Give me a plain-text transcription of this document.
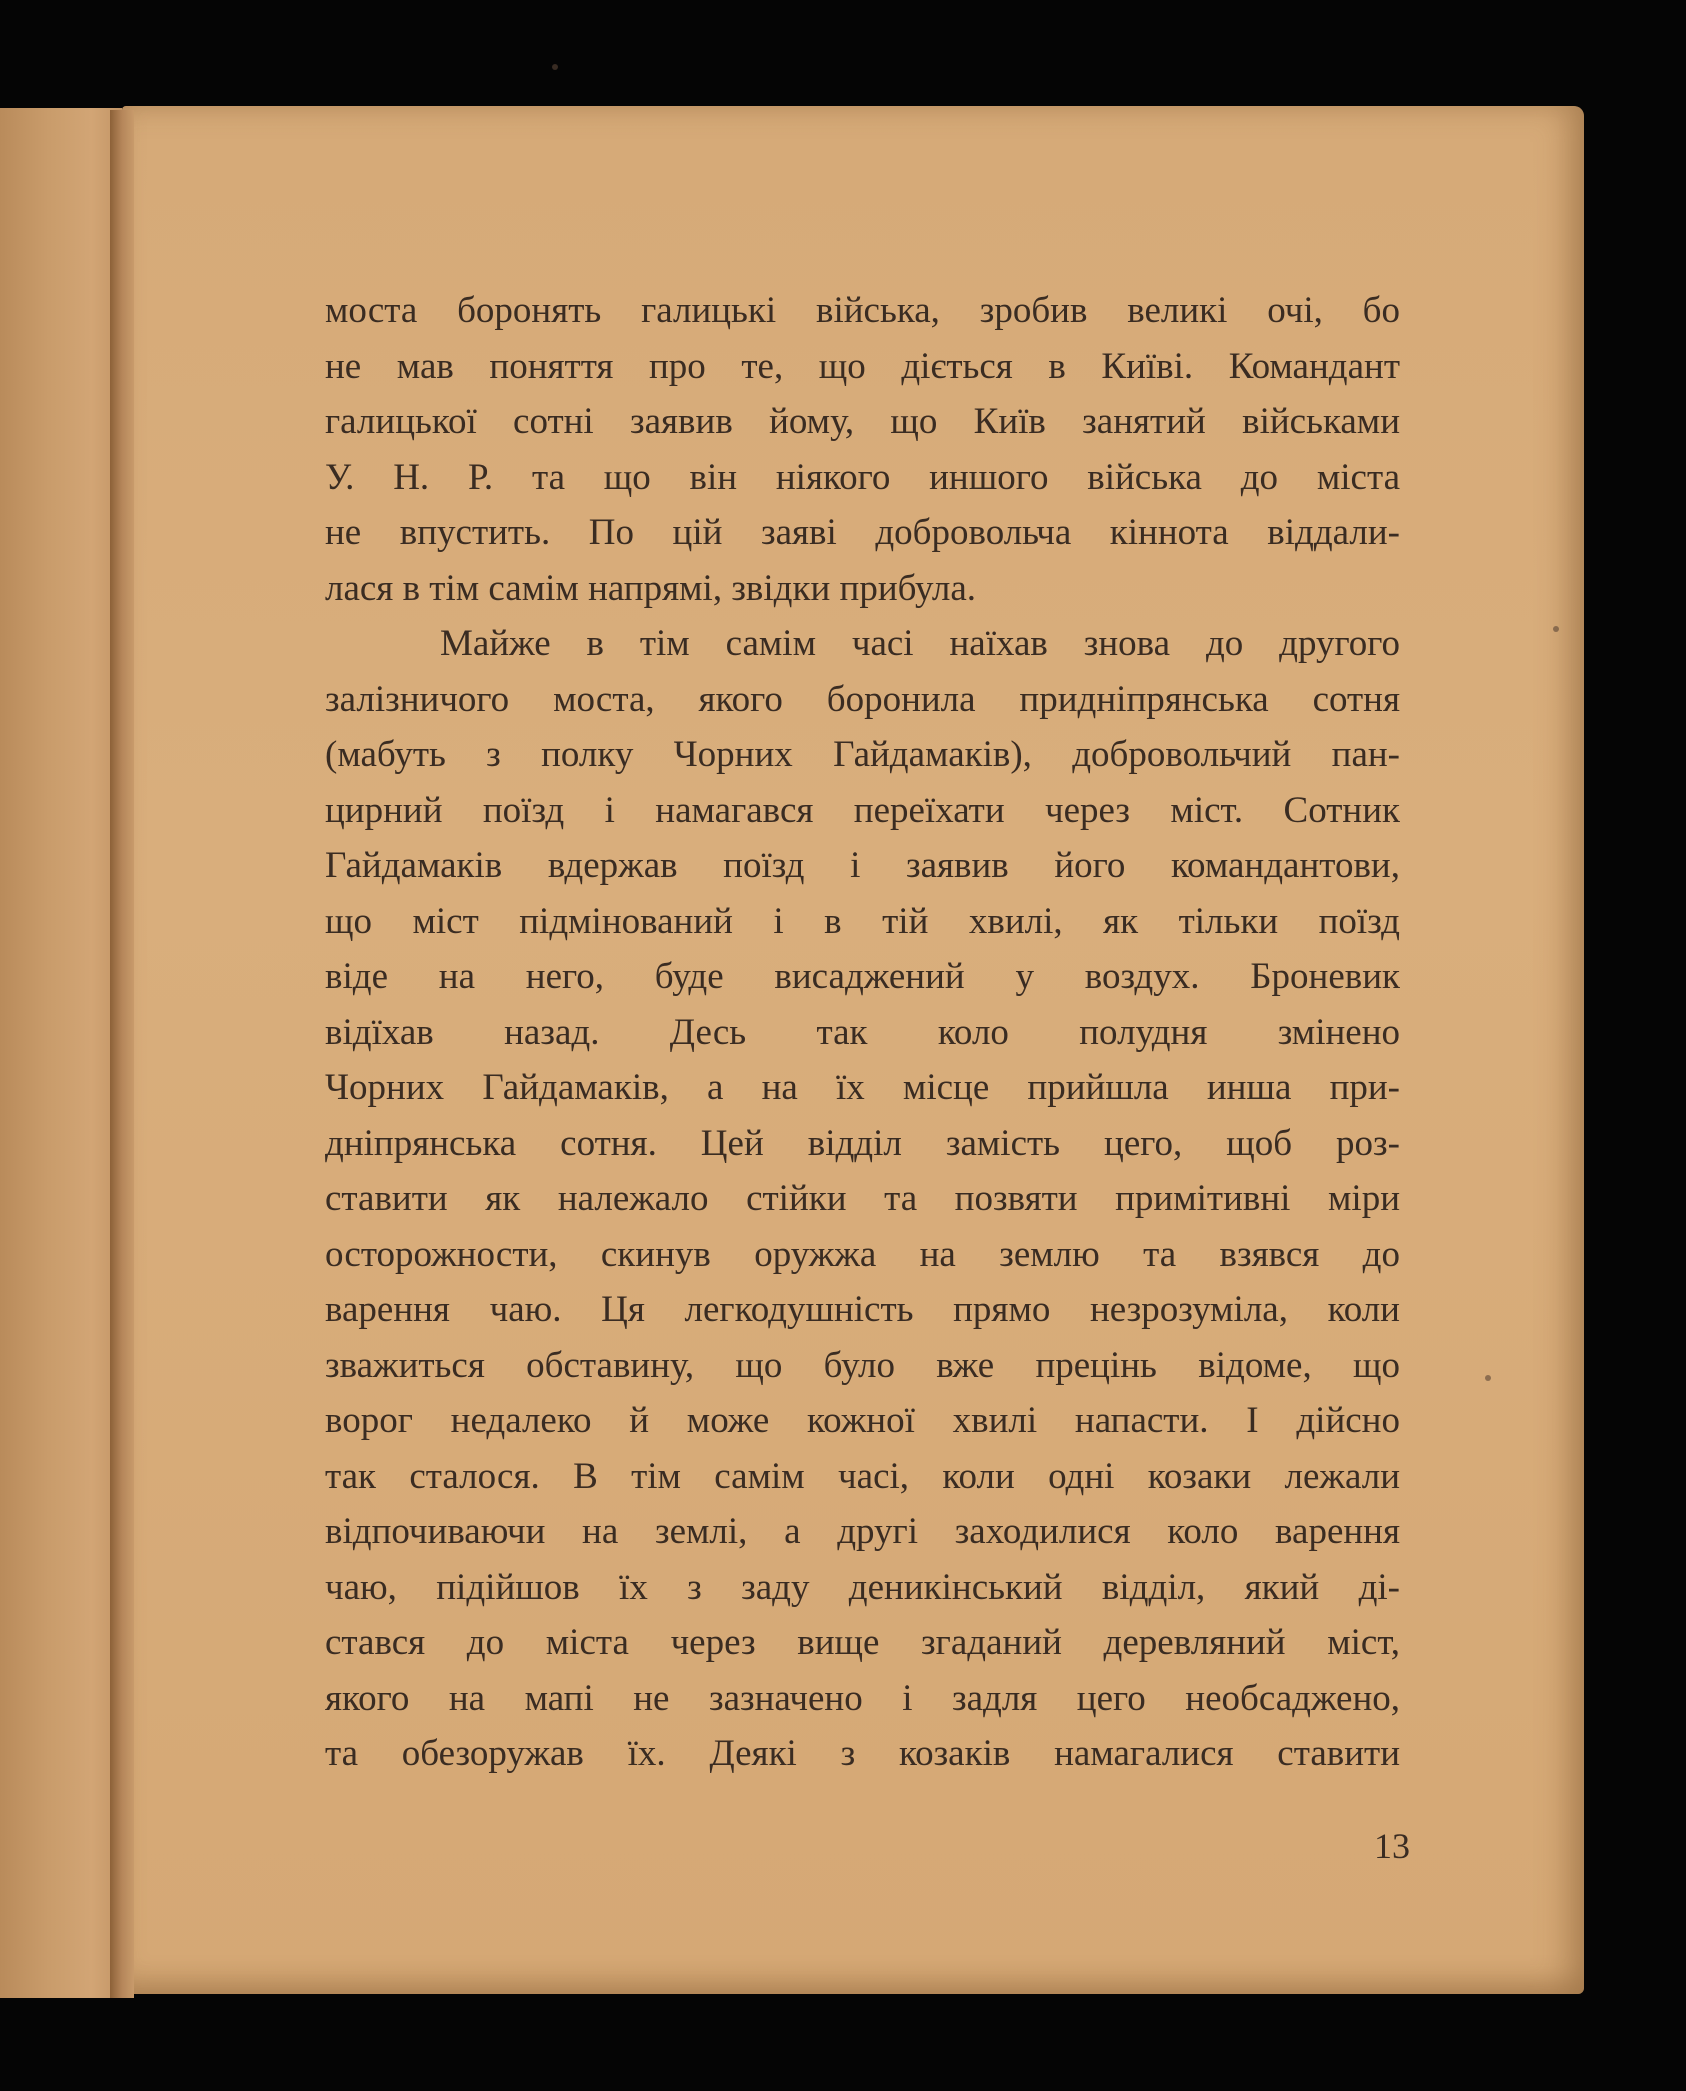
моста боронять галицькі війська, зробив великі очі, бо
не мав поняття про те, що діється в Київі. Командант
галицької сотні заявив йому, що Київ занятий військами
У. Н. Р. та що він ніякого иншого війська до міста
не впустить. По цій заяві добровольча кіннота віддали-
лася в тім самім напрямі, звідки прибула.
Майже в тім самім часі наїхав знова до другого
залізничого моста, якого боронила придніпрянська сотня
(мабуть з полку Чорних Гайдамаків), добровольчий пан-
цирний поїзд і намагався переїхати через міст. Сотник
Гайдамаків вдержав поїзд і заявив його командантови,
що міст підмінований і в тій хвилі, як тільки поїзд
віде на него, буде висаджений у воздух. Броневик
відїхав назад. Десь так коло полудня змінено
Чорних Гайдамаків, а на їх місце прийшла инша при-
дніпрянська сотня. Цей відділ замість цего, щоб роз-
ставити як належало стійки та позвяти примітивні міри
осторожности, скинув оружжа на землю та взявся до
варення чаю. Ця легкодушність прямо незрозуміла, коли
зважиться обставину, що було вже прецінь відоме, що
ворог недалеко й може кожної хвилі напасти. І дійсно
так сталося. В тім самім часі, коли одні козаки лежали
відпочиваючи на землі, а другі заходилися коло варення
чаю, підійшов їх з заду деникінський відділ, який ді-
стався до міста через вище згаданий деревляний міст,
якого на мапі не зазначено і задля цего необсаджено,
та обезоружав їх. Деякі з козаків намагалися ставити
13
